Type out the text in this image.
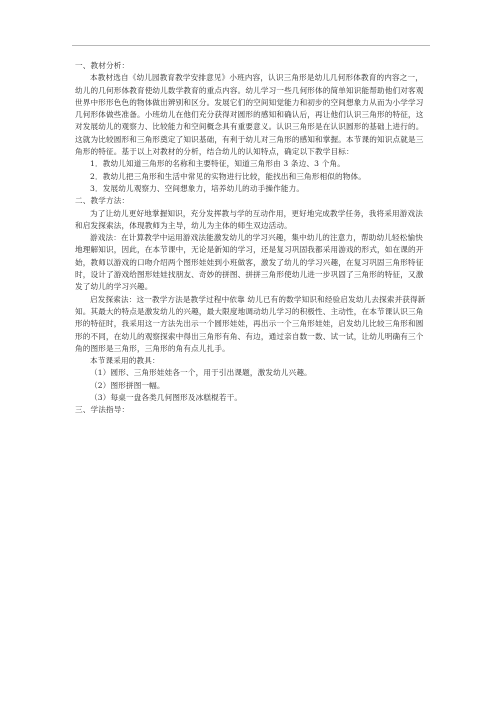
一、教材分析：

本教材选自《幼儿园教育教学安排意见》小班内容，认识三角形是幼儿几何形体教育的内容之一，幼儿的几何形体教育使幼儿数学教育的重点内容。幼儿学习一些几何形体的简单知识能帮助他们对客观世界中形形色色的物体做出辨别和区分。发展它们的空间知觉能力和初步的空间想象力从而为小学学习几何形体做些准备。小班幼儿在他们充分获得对圆形的感知和确认后，再让他们认识三角形的特征，这对发展幼儿的观察力、比较能力和空间概念具有重要意义。认识三角形是在认识圆形的基础上进行的。这就为比较圆形和三角形奠定了知识基础，有利于幼儿对三角形的感知和掌握。本节课的知识点就是三角形的特征。基于以上对教材的分析，结合幼儿的认知特点，确定以下教学目标：

1．教幼儿知道三角形的名称和主要特征，知道三角形由 3 条边、3 个角。

2．教幼儿把三角形和生活中常见的实物进行比较，能找出和三角形相似的物体。

3．发展幼儿观察力、空间想象力，培养幼儿的动手操作能力。

二、教学方法：

为了让幼儿更好地掌握知识，充分发挥教与学的互动作用，更好地完成教学任务，我将采用游戏法和启发探索法，体现教师为主导，幼儿为主体的师生双边活动。

游戏法：在计算教学中运用游戏法能激发幼儿的学习兴趣，集中幼儿的注意力，帮助幼儿轻松愉快地理解知识，因此，在本节课中，无论是新知的学习，还是复习巩固我都采用游戏的形式，如在课的开始，教师以游戏的口吻介绍两个图形娃娃到小班做客，激发了幼儿的学习兴趣，在复习巩固三角形特征时，设计了游戏给图形娃娃找朋友、奇妙的拼图、拼拼三角形使幼儿进一步巩固了三角形的特征，又激发了幼儿的学习兴趣。

启发探索法：这一教学方法是教学过程中依靠 幼儿已有的数学知识和经验启发幼儿去探索并获得新知。其最大的特点是激发幼儿的兴趣，最大限度地调动幼儿学习的积极性、主动性，在本节课认识三角形的特征时，我采用这一方法先出示一个圆形娃娃，再出示一个三角形娃娃，启发幼儿比较三角形和圆形的不同，在幼儿的观察探索中得出三角形有角、有边，通过亲自数一数、试一试，让幼儿明确有三个角的图形是三角形，三角形的角有点儿扎手。

本节课采用的教具：

（1）圆形、三角形娃娃各一个，用于引出课题，激发幼儿兴趣。

（2）图形拼图一幅。

（3）每桌一盘各类几何图形及冰糕棍若干。

三、学法指导：
